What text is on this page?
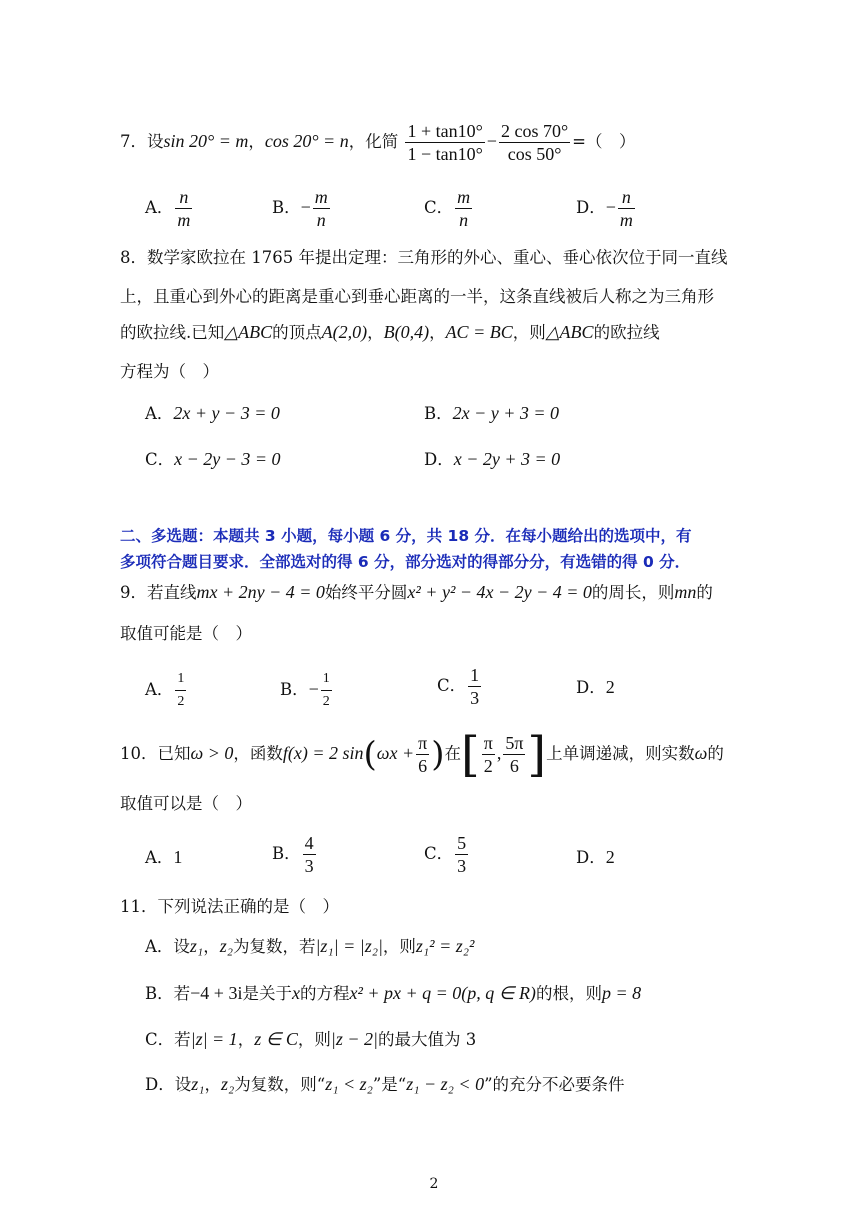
7．设sin 20° = m，cos 20° = n，化简 $\frac{1 + \tan 10^\circ}{1 - \tan 10^\circ} - \frac{2 \cos 70^\circ}{\cos 50^\circ}$ =（　）
A． $\frac{n}{m}$	B．− $\frac{m}{n}$	C． $\frac{m}{n}$	D．− $\frac{n}{m}$
8．数学家欧拉在 1765 年提出定理：三角形的外心、重心、垂心依次位于同一直线
上，且重心到外心的距离是重心到垂心距离的一半，这条直线被后人称之为三角形
的欧拉线.已知△ABC的顶点A(2,0)，B(0,4)，AC = BC，则△ABC的欧拉线
方程为（　）
A．2x + y − 3 = 0	B．2x − y + 3 = 0
C．x − 2y − 3 = 0	D．x − 2y + 3 = 0
二、多选题：本题共 3 小题，每小题 6 分，共 18 分．在每小题给出的选项中，有
多项符合题目要求．全部选对的得 6 分，部分选对的得部分分，有选错的得 0 分．
9．若直线mx + 2ny − 4 = 0始终平分圆x² + y² − 4x − 2y − 4 = 0的周长，则mn的
取值可能是（　）
A． $\frac{1}{2}$	B．− $\frac{1}{2}$	C． $\frac{1}{3}$	D．2
10．已知ω > 0，函数f(x) = 2 $\sin(\omega x + \frac{\pi}{6}$ )在[ $\frac{\pi}{2}$ , $\frac{5\pi}{6}$ ]上单调递减，则实数ω的
取值可以是（　）
A．1	B． $\frac{4}{3}$	C． $\frac{5}{3}$	D．2
11．下列说法正确的是（　）
A．设z₁，z₂为复数，若|z₁| = |z₂|，则z₁² = z₂²
B．若−4 + 3i是关于x的方程x² + px + q = 0(p, q ∈ R)的根，则p = 8
C．若|z| = 1，z ∈ C，则|z − 2|的最大值为 3
D．设z₁，z₂为复数，则“z₁ < z₂”是“z₁ − z₂ < 0”的充分不必要条件
2
